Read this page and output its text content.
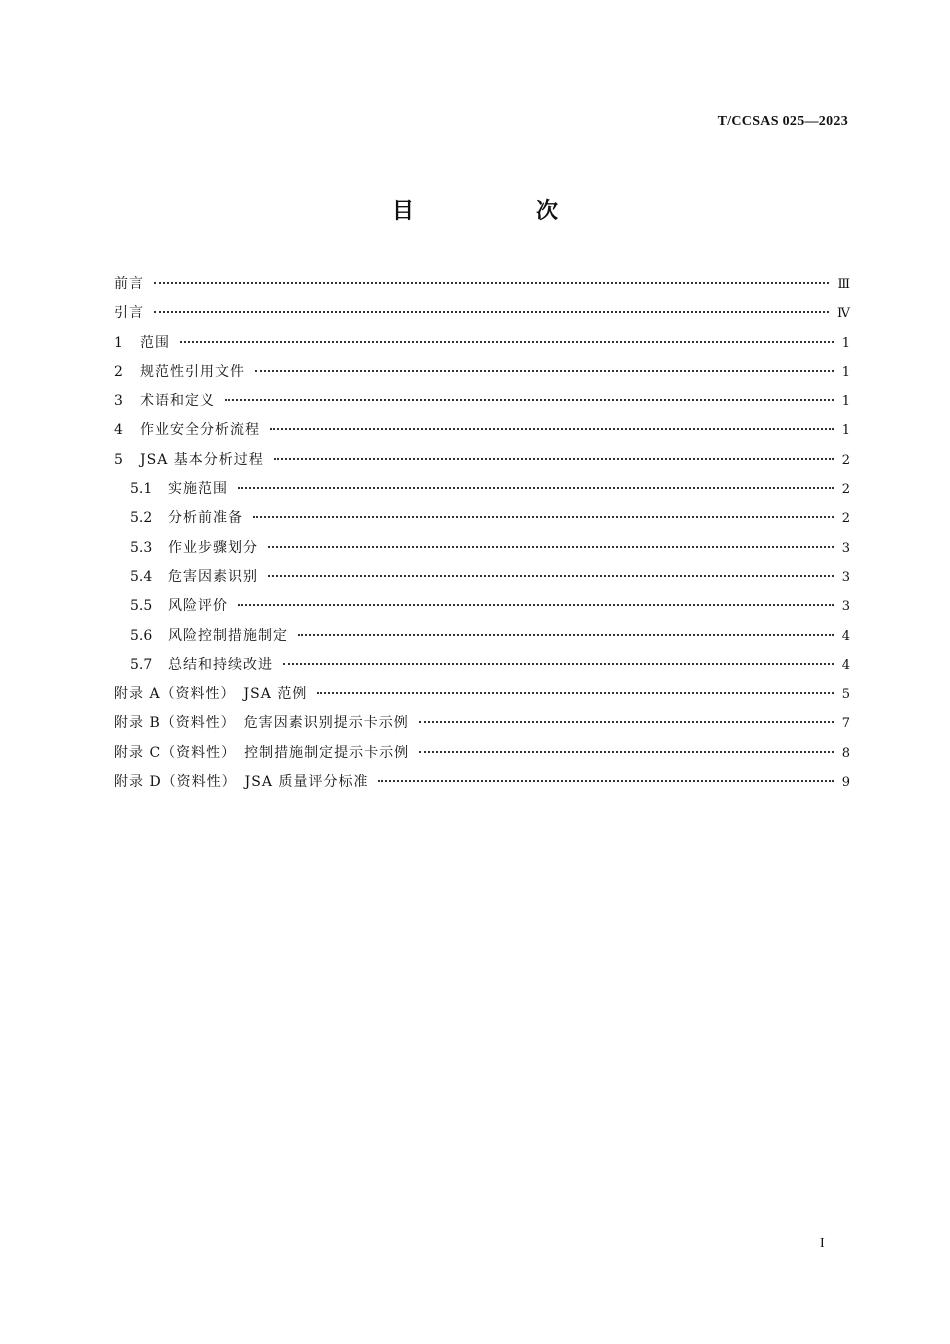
T/CCSAS 025—2023
目　次
前言	Ⅲ
引言	Ⅳ
1	范围	1
2	规范性引用文件	1
3	术语和定义	1
4	作业安全分析流程	1
5	JSA 基本分析过程	2
5.1	实施范围	2
5.2	分析前准备	2
5.3	作业步骤划分	3
5.4	危害因素识别	3
5.5	风险评价	3
5.6	风险控制措施制定	4
5.7	总结和持续改进	4
附录 A（资料性）　JSA 范例	5
附录 B（资料性）　危害因素识别提示卡示例	7
附录 C（资料性）　控制措施制定提示卡示例	8
附录 D（资料性）　JSA 质量评分标准	9
I
